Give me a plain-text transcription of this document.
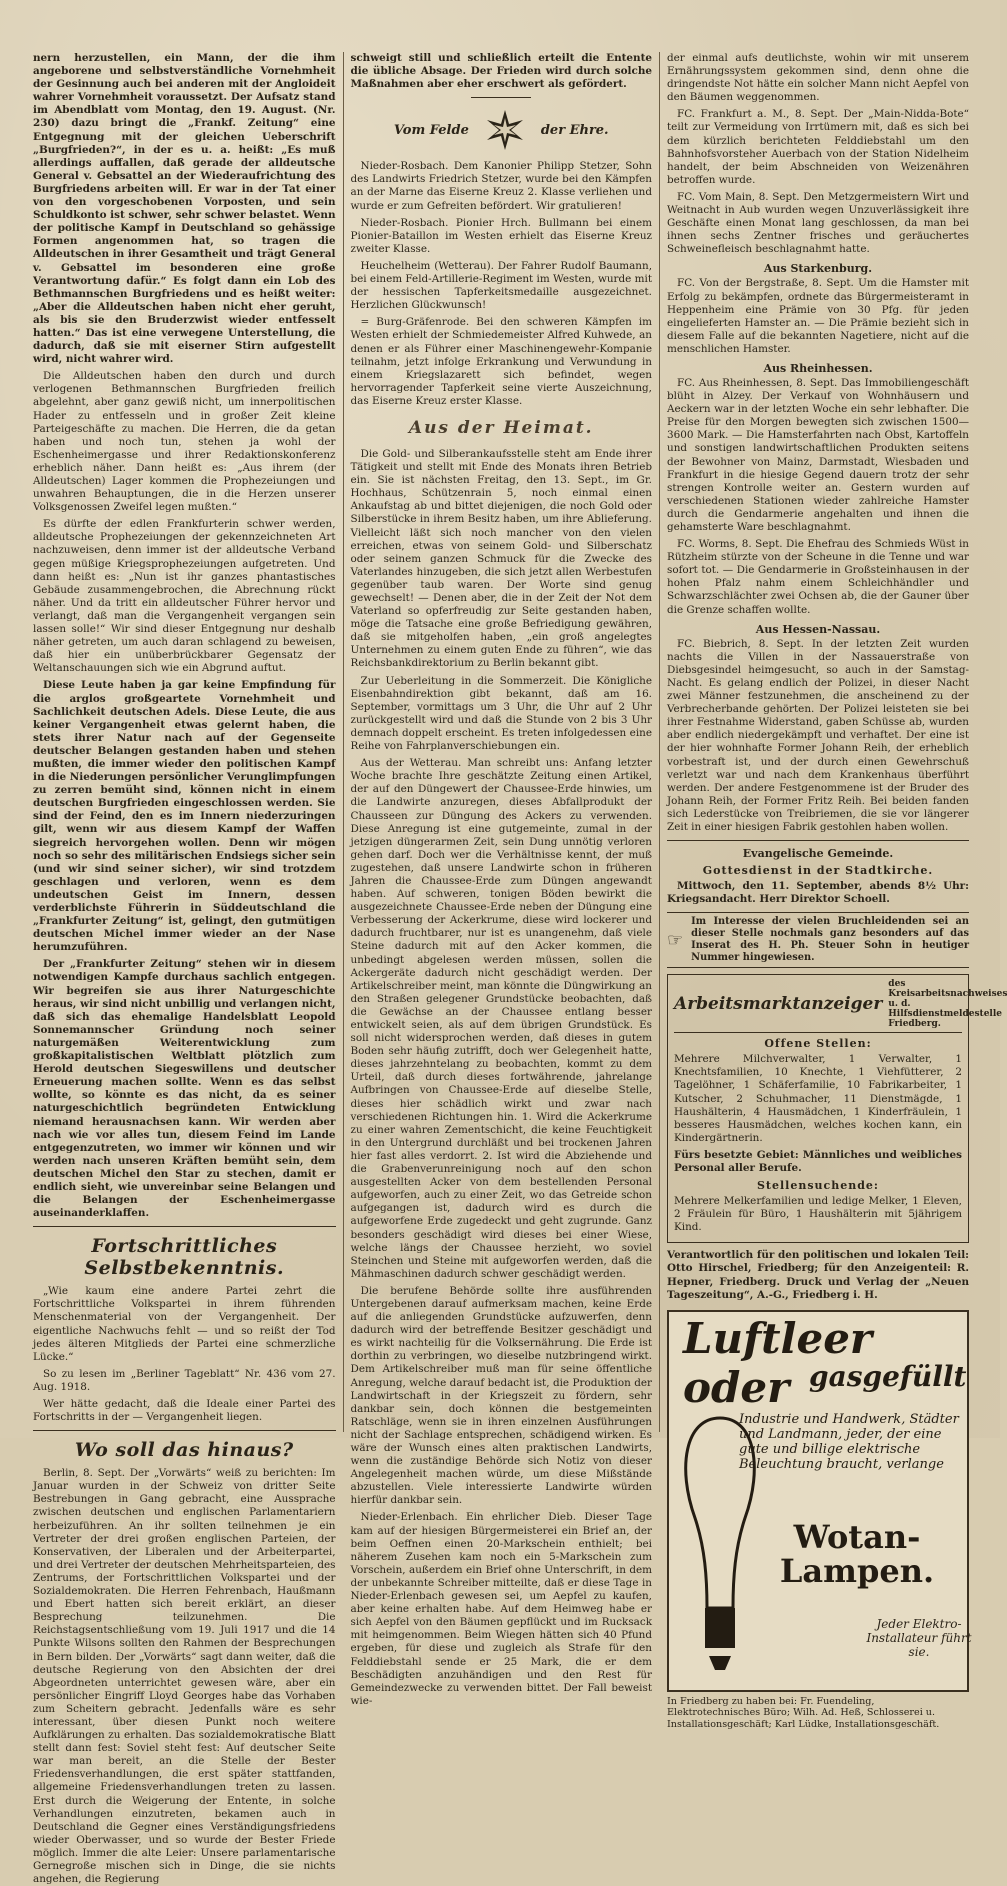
nern herzustellen, ein Mann, der die ihm angeborene und selbstverständliche Vornehmheit der Gesinnung auch bei anderen mit der Angloideit wahrer Vornehmheit voraussetzt. Der Aufsatz stand im Abendblatt vom Montag, den 19. August. (Nr. 230) dazu bringt die „Frankf. Zeitung“ eine Entgegnung mit der gleichen Ueberschrift „Burgfrieden?“, in der es u. a. heißt: „Es muß allerdings auffallen, daß gerade der alldeutsche General v. Gebsattel an der Wiederaufrichtung des Burgfriedens arbeiten will. Er war in der Tat einer von den vorgeschobenen Vorposten, und sein Schuldkonto ist schwer, sehr schwer belastet. Wenn der politische Kampf in Deutschland so gehässige Formen angenommen hat, so tragen die Alldeutschen in ihrer Gesamtheit und trägt General v. Gebsattel im besonderen eine große Verantwortung dafür.“ Es folgt dann ein Lob des Bethmannschen Burgfriedens und es heißt weiter: „Aber die Alldeutschen haben nicht eher geruht, als bis sie den Bruderzwist wieder entfesselt hatten.“ Das ist eine verwegene Unterstellung, die dadurch, daß sie mit eiserner Stirn aufgestellt wird, nicht wahrer wird.

Die Alldeutschen haben den durch und durch verlogenen Bethmannschen Burgfrieden freilich abgelehnt, aber ganz gewiß nicht, um innerpolitischen Hader zu entfesseln und in großer Zeit kleine Parteigeschäfte zu machen. Die Herren, die da getan haben und noch tun, stehen ja wohl der Eschenheimergasse und ihrer Redaktionskonferenz erheblich näher. Dann heißt es: „Aus ihrem (der Alldeutschen) Lager kommen die Prophezeiungen und unwahren Behauptungen, die in die Herzen unserer Volksgenossen Zweifel legen mußten.“

Es dürfte der edlen Frankfurterin schwer werden, alldeutsche Prophezeiungen der gekennzeichneten Art nachzuweisen, denn immer ist der alldeutsche Verband gegen müßige Kriegsprophezeiungen aufgetreten. Und dann heißt es: „Nun ist ihr ganzes phantastisches Gebäude zusammengebrochen, die Abrechnung rückt näher. Und da tritt ein alldeutscher Führer hervor und verlangt, daß man die Vergangenheit vergangen sein lassen solle!“ Wir sind dieser Entgegnung nur deshalb näher getreten, um auch daran schlagend zu beweisen, daß hier ein unüberbrückbarer Gegensatz der Weltanschauungen sich wie ein Abgrund auftut.

Diese Leute haben ja gar keine Empfindung für die arglos großgeartete Vornehmheit und Sachlichkeit deutschen Adels. Diese Leute, die aus keiner Vergangenheit etwas gelernt haben, die stets ihrer Natur nach auf der Gegenseite deutscher Belangen gestanden haben und stehen mußten, die immer wieder den politischen Kampf in die Niederungen persönlicher Verunglimpfungen zu zerren bemüht sind, können nicht in einem deutschen Burgfrieden eingeschlossen werden. Sie sind der Feind, den es im Innern niederzuringen gilt, wenn wir aus diesem Kampf der Waffen siegreich hervorgehen wollen. Denn wir mögen noch so sehr des militärischen Endsiegs sicher sein (und wir sind seiner sicher), wir sind trotzdem geschlagen und verloren, wenn es dem undeutschen Geist im Innern, dessen verderblichste Führerin in Süddeutschland die „Frankfurter Zeitung“ ist, gelingt, den gutmütigen deutschen Michel immer wieder an der Nase herumzuführen.

Der „Frankfurter Zeitung“ stehen wir in diesem notwendigen Kampfe durchaus sachlich entgegen. Wir begreifen sie aus ihrer Naturgeschichte heraus, wir sind nicht unbillig und verlangen nicht, daß sich das ehemalige Handelsblatt Leopold Sonnemannscher Gründung noch seiner naturgemäßen Weiterentwicklung zum großkapitalistischen Weltblatt plötzlich zum Herold deutschen Siegeswillens und deutscher Erneuerung machen sollte. Wenn es das selbst wollte, so könnte es das nicht, da es seiner naturgeschichtlich begründeten Entwicklung niemand herausnachsen kann. Wir werden aber nach wie vor alles tun, diesem Feind im Lande entgegenzutreten, wo immer wir können und wir werden nach unseren Kräften bemüht sein, dem deutschen Michel den Star zu stechen, damit er endlich sieht, wie unvereinbar seine Belangen und die Belangen der Eschenheimergasse auseinanderklaffen.

Fortschrittliches Selbstbekenntnis.

„Wie kaum eine andere Partei zehrt die Fortschrittliche Volkspartei in ihrem führenden Menschenmaterial von der Vergangenheit. Der eigentliche Nachwuchs fehlt — und so reißt der Tod jedes älteren Mitglieds der Partei eine schmerzliche Lücke.“

So zu lesen im „Berliner Tageblatt“ Nr. 436 vom 27. Aug. 1918.

Wer hätte gedacht, daß die Ideale einer Partei des Fortschritts in der — Vergangenheit liegen.

Wo soll das hinaus?

Berlin, 8. Sept. Der „Vorwärts“ weiß zu berichten: Im Januar wurden in der Schweiz von dritter Seite Bestrebungen in Gang gebracht, eine Aussprache zwischen deutschen und englischen Parlamentariern herbeizuführen. An ihr sollten teilnehmen je ein Vertreter der drei großen englischen Parteien, der Konservativen, der Liberalen und der Arbeiterpartei, und drei Vertreter der deutschen Mehrheitsparteien, des Zentrums, der Fortschrittlichen Volkspartei und der Sozialdemokraten. Die Herren Fehrenbach, Haußmann und Ebert hatten sich bereit erklärt, an dieser Besprechung teilzunehmen. Die Reichstagsentschließung vom 19. Juli 1917 und die 14 Punkte Wilsons sollten den Rahmen der Besprechungen in Bern bilden. Der „Vorwärts“ sagt dann weiter, daß die deutsche Regierung von den Absichten der drei Abgeordneten unterrichtet gewesen wäre, aber ein persönlicher Eingriff Lloyd Georges habe das Vorhaben zum Scheitern gebracht. Jedenfalls wäre es sehr interessant, über diesen Punkt noch weitere Aufklärungen zu erhalten. Das sozialdemokratische Blatt stellt dann fest: Soviel steht fest: Auf deutscher Seite war man bereit, an die Stelle der Bester Friedensverhandlungen, die erst später stattfanden, allgemeine Friedensverhandlungen treten zu lassen. Erst durch die Weigerung der Entente, in solche Verhandlungen einzutreten, bekamen auch in Deutschland die Gegner eines Verständigungsfriedens wieder Oberwasser, und so wurde der Bester Friede möglich. Immer die alte Leier: Unsere parlamentarische Gernegroße mischen sich in Dinge, die sie nichts angehen, die Regierung

schweigt still und schließlich erteilt die Entente die übliche Absage. Der Frieden wird durch solche Maßnahmen aber eher erschwert als gefördert.

Vom Felde	der Ehre.

Nieder-Rosbach. Dem Kanonier Philipp Stetzer, Sohn des Landwirts Friedrich Stetzer, wurde bei den Kämpfen an der Marne das Eiserne Kreuz 2. Klasse verliehen und wurde er zum Gefreiten befördert. Wir gratulieren!

Nieder-Rosbach. Pionier Hrch. Bullmann bei einem Pionier-Bataillon im Westen erhielt das Eiserne Kreuz zweiter Klasse.

Heuchelheim (Wetterau). Der Fahrer Rudolf Baumann, bei einem Feld-Artillerie-Regiment im Westen, wurde mit der hessischen Tapferkeitsmedaille ausgezeichnet. Herzlichen Glückwunsch!

= Burg-Gräfenrode. Bei den schweren Kämpfen im Westen erhielt der Schmiedemeister Alfred Kuhwede, an denen er als Führer einer Maschinengewehr-Kompanie teilnahm, jetzt infolge Erkrankung und Verwundung in einem Kriegslazarett sich befindet, wegen hervorragender Tapferkeit seine vierte Auszeichnung, das Eiserne Kreuz erster Klasse.

Aus der Heimat.

Die Gold- und Silberankaufsstelle steht am Ende ihrer Tätigkeit und stellt mit Ende des Monats ihren Betrieb ein. Sie ist nächsten Freitag, den 13. Sept., im Gr. Hochhaus, Schützenrain 5, noch einmal einen Ankaufstag ab und bittet diejenigen, die noch Gold oder Silberstücke in ihrem Besitz haben, um ihre Ablieferung. Vielleicht läßt sich noch mancher von den vielen erreichen, etwas von seinem Gold- und Silberschatz oder seinem ganzen Schmuck für die Zwecke des Vaterlandes hinzugeben, die sich jetzt allen Werbestufen gegenüber taub waren. Der Worte sind genug gewechselt! — Denen aber, die in der Zeit der Not dem Vaterland so opferfreudig zur Seite gestanden haben, möge die Tatsache eine große Befriedigung gewähren, daß sie mitgeholfen haben, „ein groß angelegtes Unternehmen zu einem guten Ende zu führen“, wie das Reichsbankdirektorium zu Berlin bekannt gibt.

Zur Ueberleitung in die Sommerzeit. Die Königliche Eisenbahndirektion gibt bekannt, daß am 16. September, vormittags um 3 Uhr, die Uhr auf 2 Uhr zurückgestellt wird und daß die Stunde von 2 bis 3 Uhr demnach doppelt erscheint. Es treten infolgedessen eine Reihe von Fahrplanverschiebungen ein.

Aus der Wetterau. Man schreibt uns: Anfang letzter Woche brachte Ihre geschätzte Zeitung einen Artikel, der auf den Düngewert der Chaussee-Erde hinwies, um die Landwirte anzuregen, dieses Abfallprodukt der Chausseen zur Düngung des Ackers zu verwenden. Diese Anregung ist eine gutgemeinte, zumal in der jetzigen düngerarmen Zeit, sein Dung unnötig verloren gehen darf. Doch wer die Verhältnisse kennt, der muß zugestehen, daß unsere Landwirte schon in früheren Jahren die Chaussee-Erde zum Düngen angewandt haben. Auf schweren, tonigen Böden bewirkt die ausgezeichnete Chaussee-Erde neben der Düngung eine Verbesserung der Ackerkrume, diese wird lockerer und dadurch fruchtbarer, nur ist es unangenehm, daß viele Steine dadurch mit auf den Acker kommen, die unbedingt abgelesen werden müssen, sollen die Ackergeräte dadurch nicht geschädigt werden. Der Artikelschreiber meint, man könnte die Düngwirkung an den Straßen gelegener Grundstücke beobachten, daß die Gewächse an der Chaussee entlang besser entwickelt seien, als auf dem übrigen Grundstück. Es soll nicht widersprochen werden, daß dieses in gutem Boden sehr häufig zutrifft, doch wer Gelegenheit hatte, dieses jahrzehntelang zu beobachten, kommt zu dem Urteil, daß durch dieses fortwährende, jahrelange Aufbringen von Chaussee-Erde auf dieselbe Stelle, dieses hier schädlich wirkt und zwar nach verschiedenen Richtungen hin. 1. Wird die Ackerkrume zu einer wahren Zementschicht, die keine Feuchtigkeit in den Untergrund durchläßt und bei trockenen Jahren hier fast alles verdorrt. 2. Ist wird die Abziehende und die Grabenverunreinigung noch auf den schon ausgestellten Acker von dem bestellenden Personal aufgeworfen, auch zu einer Zeit, wo das Getreide schon aufgegangen ist, dadurch wird es durch die aufgeworfene Erde zugedeckt und geht zugrunde. Ganz besonders geschädigt wird dieses bei einer Wiese, welche längs der Chaussee herzieht, wo soviel Steinchen und Steine mit aufgeworfen werden, daß die Mähmaschinen dadurch schwer geschädigt werden.

Die berufene Behörde sollte ihre ausführenden Untergebenen darauf aufmerksam machen, keine Erde auf die anliegenden Grundstücke aufzuwerfen, denn dadurch wird der betreffende Besitzer geschädigt und es wirkt nachteilig für die Volksernährung. Die Erde ist dorthin zu verbringen, wo dieselbe nutzbringend wirkt. Dem Artikelschreiber muß man für seine öffentliche Anregung, welche darauf bedacht ist, die Produktion der Landwirtschaft in der Kriegszeit zu fördern, sehr dankbar sein, doch können die bestgemeinten Ratschläge, wenn sie in ihren einzelnen Ausführungen nicht der Sachlage entsprechen, schädigend wirken. Es wäre der Wunsch eines alten praktischen Landwirts, wenn die zuständige Behörde sich Notiz von dieser Angelegenheit machen würde, um diese Mißstände abzustellen. Viele interessierte Landwirte würden hierfür dankbar sein.

Nieder-Erlenbach. Ein ehrlicher Dieb. Dieser Tage kam auf der hiesigen Bürgermeisterei ein Brief an, der beim Oeffnen einen 20-Markschein enthielt; bei näherem Zusehen kam noch ein 5-Markschein zum Vorschein, außerdem ein Brief ohne Unterschrift, in dem der unbekannte Schreiber mitteilte, daß er diese Tage in Nieder-Erlenbach gewesen sei, um Aepfel zu kaufen, aber keine erhalten habe. Auf dem Heimweg habe er sich Aepfel von den Bäumen gepflückt und im Rucksack mit heimgenommen. Beim Wiegen hätten sich 40 Pfund ergeben, für diese und zugleich als Strafe für den Felddiebstahl sende er 25 Mark, die er dem Beschädigten anzuhändigen und den Rest für Gemeindezwecke zu verwenden bittet. Der Fall beweist wie-

der einmal aufs deutlichste, wohin wir mit unserem Ernährungssystem gekommen sind, denn ohne die dringendste Not hätte ein solcher Mann nicht Aepfel von den Bäumen weggenommen.

FC. Frankfurt a. M., 8. Sept. Der „Main-Nidda-Bote“ teilt zur Vermeidung von Irrtümern mit, daß es sich bei dem kürzlich berichteten Felddiebstahl um den Bahnhofsvorsteher Auerbach von der Station Nidelheim handelt, der beim Abschneiden von Weizenähren betroffen wurde.

FC. Vom Main, 8. Sept. Den Metzgermeistern Wirt und Weitnacht in Aub wurden wegen Unzuverlässigkeit ihre Geschäfte einen Monat lang geschlossen, da man bei ihnen sechs Zentner frisches und geräuchertes Schweinefleisch beschlagnahmt hatte.

Aus Starkenburg.

FC. Von der Bergstraße, 8. Sept. Um die Hamster mit Erfolg zu bekämpfen, ordnete das Bürgermeisteramt in Heppenheim eine Prämie von 30 Pfg. für jeden eingelieferten Hamster an. — Die Prämie bezieht sich in diesem Falle auf die bekannten Nagetiere, nicht auf die menschlichen Hamster.

Aus Rheinhessen.

FC. Aus Rheinhessen, 8. Sept. Das Immobiliengeschäft blüht in Alzey. Der Verkauf von Wohnhäusern und Aeckern war in der letzten Woche ein sehr lebhafter. Die Preise für den Morgen bewegten sich zwischen 1500—3600 Mark. — Die Hamsterfahrten nach Obst, Kartoffeln und sonstigen landwirtschaftlichen Produkten seitens der Bewohner von Mainz, Darmstadt, Wiesbaden und Frankfurt in die hiesige Gegend dauern trotz der sehr strengen Kontrolle weiter an. Gestern wurden auf verschiedenen Stationen wieder zahlreiche Hamster durch die Gendarmerie angehalten und ihnen die gehamsterte Ware beschlagnahmt.

FC. Worms, 8. Sept. Die Ehefrau des Schmieds Wüst in Rützheim stürzte von der Scheune in die Tenne und war sofort tot. — Die Gendarmerie in Großsteinhausen in der hohen Pfalz nahm einem Schleichhändler und Schwarzschlächter zwei Ochsen ab, die der Gauner über die Grenze schaffen wollte.

Aus Hessen-Nassau.

FC. Biebrich, 8. Sept. In der letzten Zeit wurden nachts die Villen in der Nassauerstraße von Diebsgesindel heimgesucht, so auch in der Samstag-Nacht. Es gelang endlich der Polizei, in dieser Nacht zwei Männer festzunehmen, die anscheinend zu der Verbrecherbande gehörten. Der Polizei leisteten sie bei ihrer Festnahme Widerstand, gaben Schüsse ab, wurden aber endlich niedergekämpft und verhaftet. Der eine ist der hier wohnhafte Former Johann Reih, der erheblich vorbestraft ist, und der durch einen Gewehrschuß verletzt war und nach dem Krankenhaus überführt werden. Der andere Festgenommene ist der Bruder des Johann Reih, der Former Fritz Reih. Bei beiden fanden sich Lederstücke von Treibriemen, die sie vor längerer Zeit in einer hiesigen Fabrik gestohlen haben wollen.

Evangelische Gemeinde.
Gottesdienst in der Stadtkirche.

Mittwoch, den 11. September, abends 8½ Uhr: Kriegsandacht. Herr Direktor Schoell.

☞

Im Interesse der vielen Bruchleidenden sei an dieser Stelle nochmals ganz besonders auf das Inserat des H. Ph. Steuer Sohn in heutiger Nummer hingewiesen.

Arbeitsmarktanzeiger
des Kreisarbeitsnachweises u. d. Hilfsdienstmeldestelle Friedberg.
Offene Stellen:

Mehrere Milchverwalter, 1 Verwalter, 1 Knechtsfamilien, 10 Knechte, 1 Viehfütterer, 2 Tagelöhner, 1 Schäferfamilie, 10 Fabrikarbeiter, 1 Kutscher, 2 Schuhmacher, 11 Dienstmägde, 1 Haushälterin, 4 Hausmädchen, 1 Kinderfräulein, 1 besseres Hausmädchen, welches kochen kann, ein Kindergärtnerin.

Fürs besetzte Gebiet: Männliches und weibliches Personal aller Berufe.

Stellensuchende:

Mehrere Melkerfamilien und ledige Melker, 1 Eleven, 2 Fräulein für Büro, 1 Haushälterin mit 5jährigem Kind.

Verantwortlich für den politischen und lokalen Teil: Otto Hirschel, Friedberg; für den Anzeigenteil: R. Hepner, Friedberg. Druck und Verlag der „Neuen Tageszeitung“, A.-G., Friedberg i. H.

Luftleer oder gasgefüllt
Industrie und Handwerk, Städter und Landmann, jeder, der eine gute und billige elektrische Beleuchtung braucht, verlange
Wotan-Lampen.
Jeder Elektro-Installateur führt sie.
In Friedberg zu haben bei: Fr. Fuendeling, Elektrotechnisches Büro; Wilh. Ad. Heß, Schlosserei u. Installationsgeschäft; Karl Lüdke, Installationsgeschäft.
